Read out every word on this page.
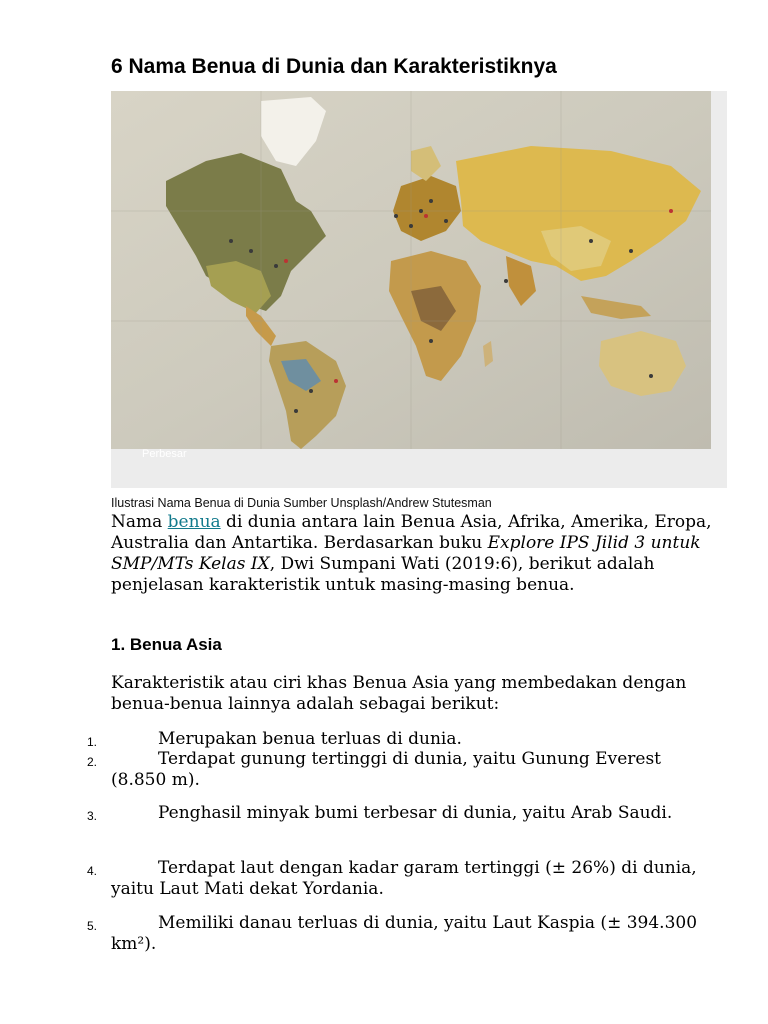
6 Nama Benua di Dunia dan Karakteristiknya
Perbesar
Ilustrasi Nama Benua di Dunia Sumber Unsplash/Andrew Stutesman

Nama benua di dunia antara lain Benua Asia, Afrika, Amerika, Eropa, Australia dan Antartika. Berdasarkan buku Explore IPS Jilid 3 untuk SMP/MTs Kelas IX, Dwi Sumpani Wati (2019:6), berikut adalah penjelasan karakteristik untuk masing-masing benua.

1. Benua Asia

Karakteristik atau ciri khas Benua Asia yang membedakan dengan benua-benua lainnya adalah sebagai berikut:

1.	Merupakan benua terluas di dunia.
2.	Terdapat gunung tertinggi di dunia, yaitu Gunung Everest (8.850 m).
3.	Penghasil minyak bumi terbesar di dunia, yaitu Arab Saudi.
4.	Terdapat laut dengan kadar garam tertinggi (± 26%) di dunia, yaitu Laut Mati dekat Yordania.
5.	Memiliki danau terluas di dunia, yaitu Laut Kaspia (± 394.300 km²).
